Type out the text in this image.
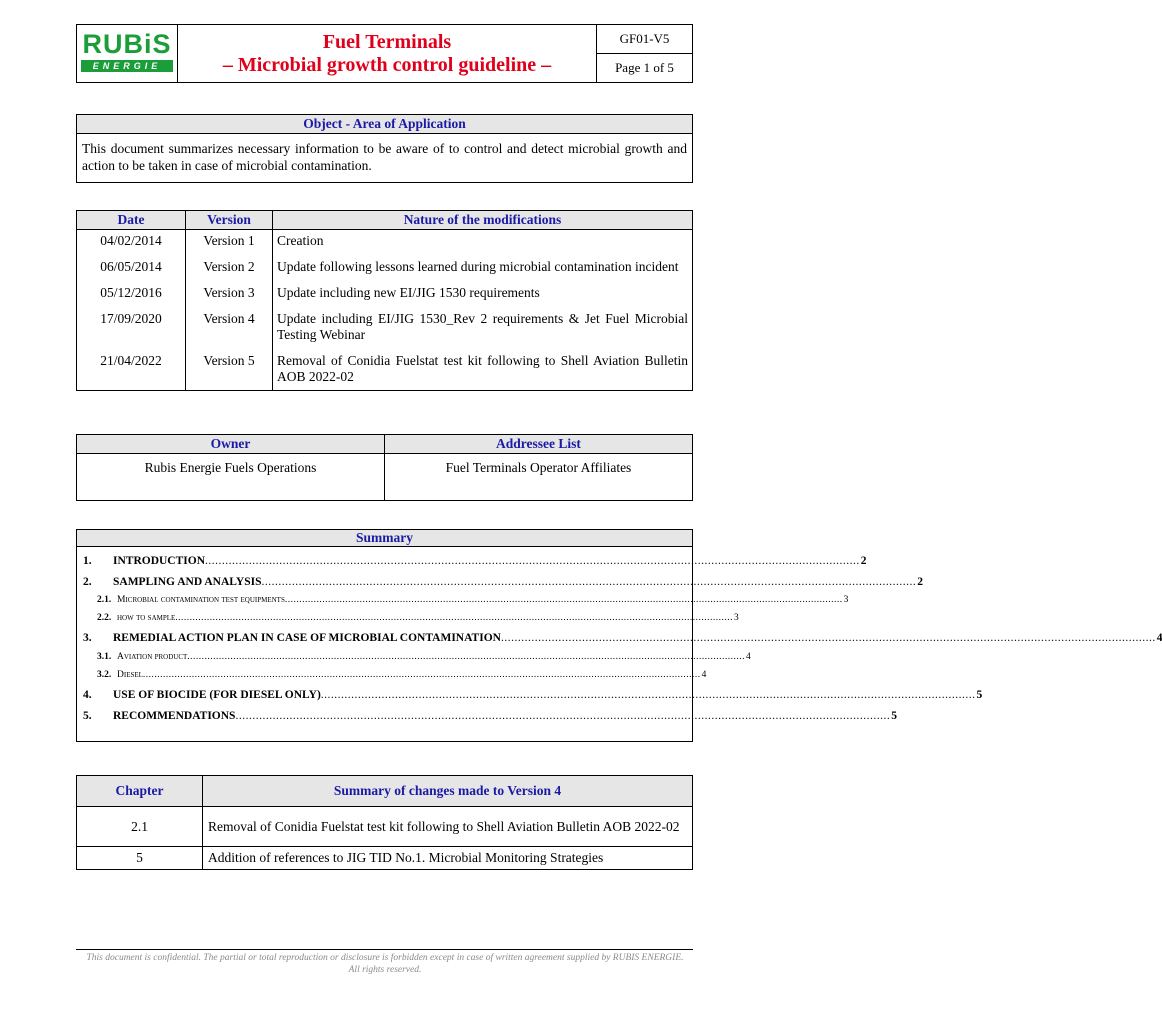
RUBiS
ENERGIE

Fuel Terminals
– Microbial growth control guideline –

GF01-V5
Page 1 of 5

Object - Area of Application
This document summarizes necessary information to be aware of to control and detect microbial growth and action to be taken in case of microbial contamination.
Date	Version	Nature of the modifications
04/02/2014	Version 1	Creation
06/05/2014	Version 2	Update following lessons learned during microbial contamination incident
05/12/2016	Version 3	Update including new EI/JIG 1530 requirements
17/09/2020	Version 4	Update including EI/JIG 1530_Rev 2 requirements & Jet Fuel Microbial Testing Webinar
21/04/2022	Version 5	Removal of Conidia Fuelstat test kit following to Shell Aviation Bulletin AOB 2022-02
Owner	Addressee List
Rubis Energie Fuels Operations	Fuel Terminals Operator Affiliates
Summary
1.	INTRODUCTION .................................................................................................................................................................................................. 2
2.	SAMPLING AND ANALYSIS .................................................................................................................................................................................................. 2
2.1. Microbial contamination test equipments .................................................................................................................................................................................................. 3
2.2. how to sample .................................................................................................................................................................................................. 3
3.	REMEDIAL ACTION PLAN IN CASE OF MICROBIAL CONTAMINATION .................................................................................................................................................................................................. 4
3.1. Aviation product .................................................................................................................................................................................................. 4
3.2. Diesel .................................................................................................................................................................................................. 4
4.	USE OF BIOCIDE (FOR DIESEL ONLY) .................................................................................................................................................................................................. 5
5.	RECOMMENDATIONS .................................................................................................................................................................................................. 5
Chapter	Summary of changes made to Version 4
2.1	Removal of Conidia Fuelstat test kit following to Shell Aviation Bulletin AOB 2022-02
5	Addition of references to JIG TID No.1. Microbial Monitoring Strategies
This document is confidential. The partial or total reproduction or disclosure is forbidden except in case of written agreement supplied by RUBIS ENERGIE. All rights reserved.
